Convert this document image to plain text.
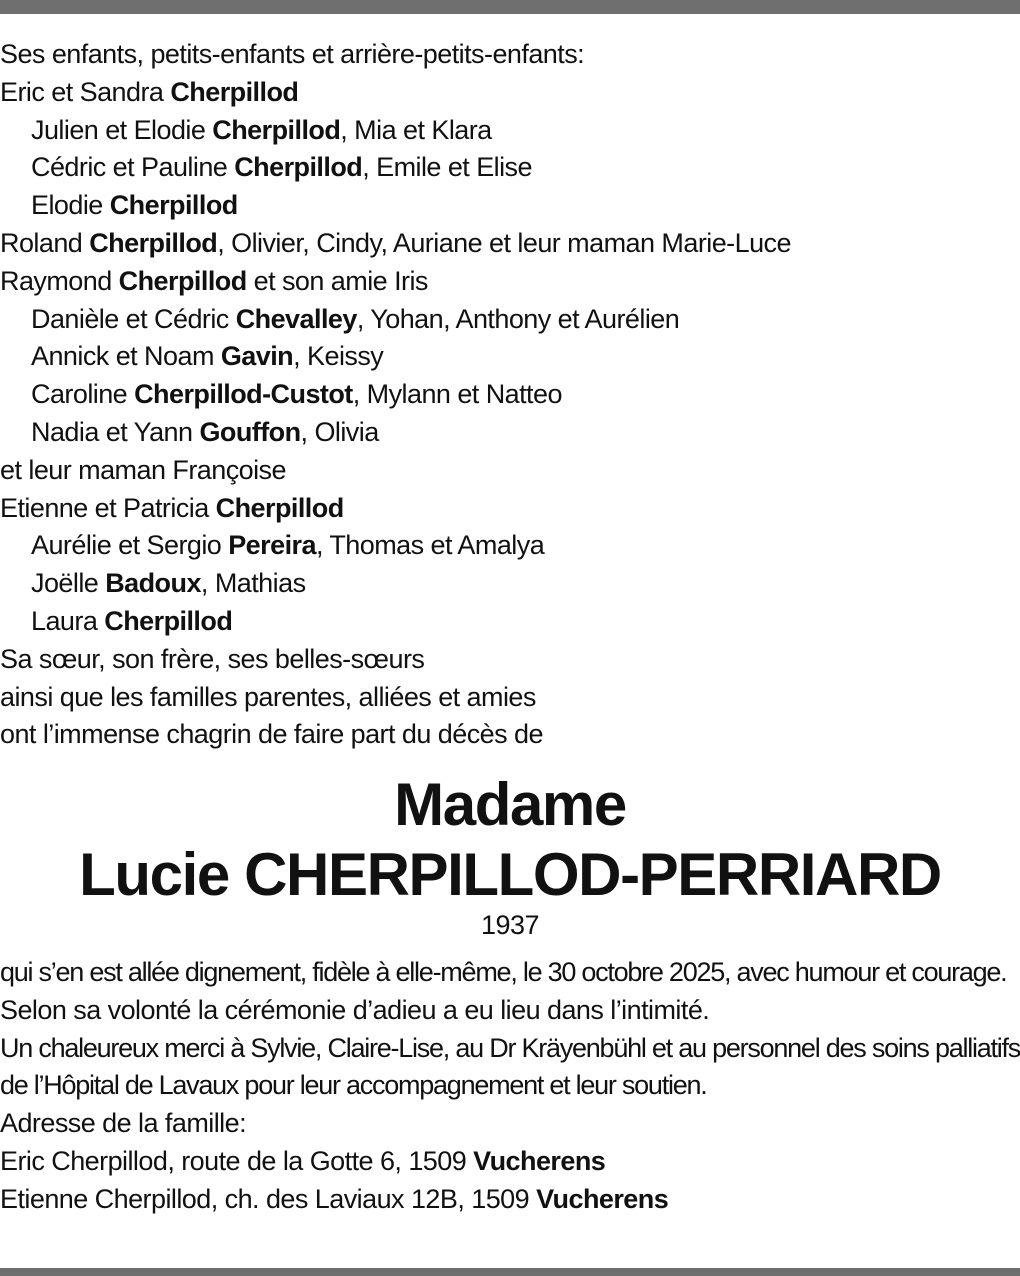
Ses enfants, petits-enfants et arrière-petits-enfants:
Eric et Sandra Cherpillod
Julien et Elodie Cherpillod, Mia et Klara
Cédric et Pauline Cherpillod, Emile et Elise
Elodie Cherpillod
Roland Cherpillod, Olivier, Cindy, Auriane et leur maman Marie-Luce
Raymond Cherpillod et son amie Iris
Danièle et Cédric Chevalley, Yohan, Anthony et Aurélien
Annick et Noam Gavin, Keissy
Caroline Cherpillod-Custot, Mylann et Natteo
Nadia et Yann Gouffon, Olivia
et leur maman Françoise
Etienne et Patricia Cherpillod
Aurélie et Sergio Pereira, Thomas et Amalya
Joëlle Badoux, Mathias
Laura Cherpillod
Sa sœur, son frère, ses belles-sœurs
ainsi que les familles parentes, alliées et amies
ont l’immense chagrin de faire part du décès de
Madame
Lucie CHERPILLOD-PERRIARD
1937
qui s’en est allée dignement, fidèle à elle-même, le 30 octobre 2025, avec humour et courage.
Selon sa volonté la cérémonie d’adieu a eu lieu dans l’intimité.
Un chaleureux merci à Sylvie, Claire-Lise, au Dr Kräyenbühl et au personnel des soins palliatifs de l’Hôpital de Lavaux pour leur accompagnement et leur soutien.
Adresse de la famille:
Eric Cherpillod, route de la Gotte 6, 1509 Vucherens
Etienne Cherpillod, ch. des Laviaux 12B, 1509 Vucherens
